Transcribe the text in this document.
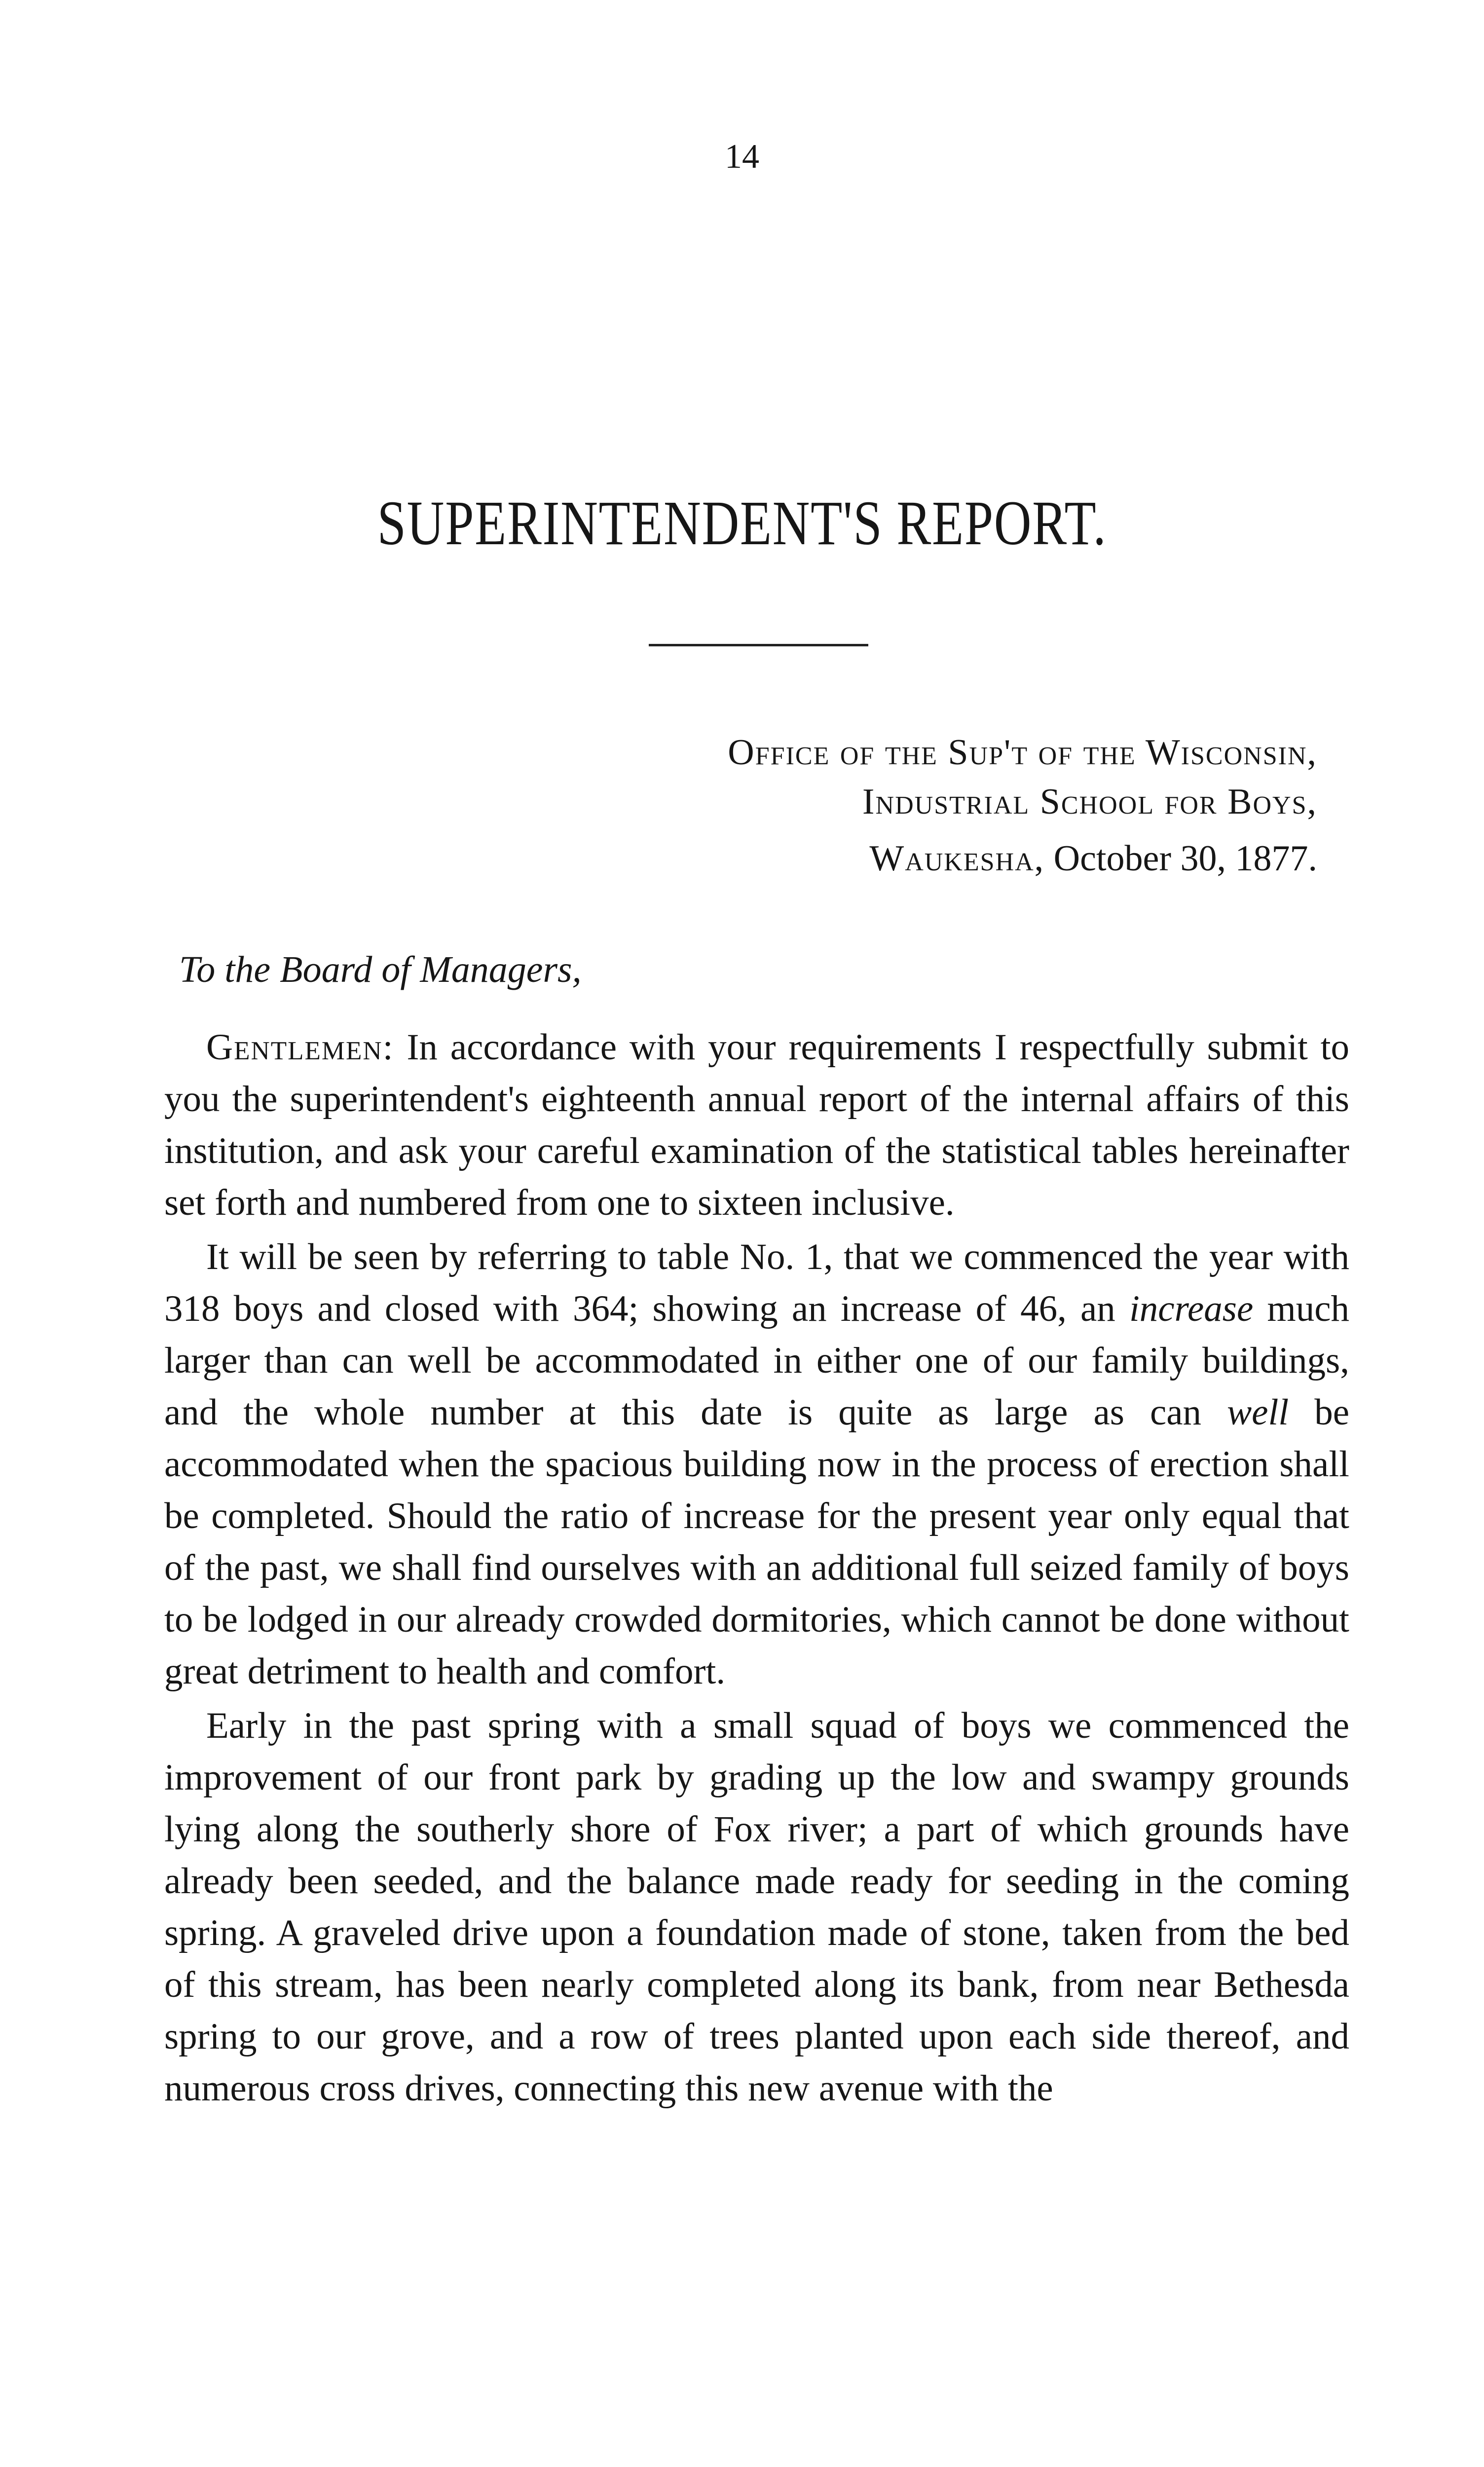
14
SUPERINTENDENT'S REPORT.
Office of the Sup't of the Wisconsin,
Industrial School for Boys,
Waukesha, October 30, 1877.
To the Board of Managers,

Gentlemen: In accordance with your requirements I respectfully submit to you the superintendent's eighteenth annual report of the internal affairs of this institution, and ask your careful examination of the statistical tables hereinafter set forth and numbered from one to sixteen inclusive.

It will be seen by referring to table No. 1, that we commenced the year with 318 boys and closed with 364; showing an increase of 46, an increase much larger than can well be accommodated in either one of our family buildings, and the whole number at this date is quite as large as can well be accommodated when the spacious building now in the process of erection shall be completed. Should the ratio of increase for the present year only equal that of the past, we shall find ourselves with an additional full seized family of boys to be lodged in our already crowded dormitories, which cannot be done without great detriment to health and comfort.

Early in the past spring with a small squad of boys we commenced the improvement of our front park by grading up the low and swampy grounds lying along the southerly shore of Fox river; a part of which grounds have already been seeded, and the balance made ready for seeding in the coming spring. A graveled drive upon a foundation made of stone, taken from the bed of this stream, has been nearly completed along its bank, from near Bethesda spring to our grove, and a row of trees planted upon each side thereof, and numerous cross drives, connecting this new avenue with the
